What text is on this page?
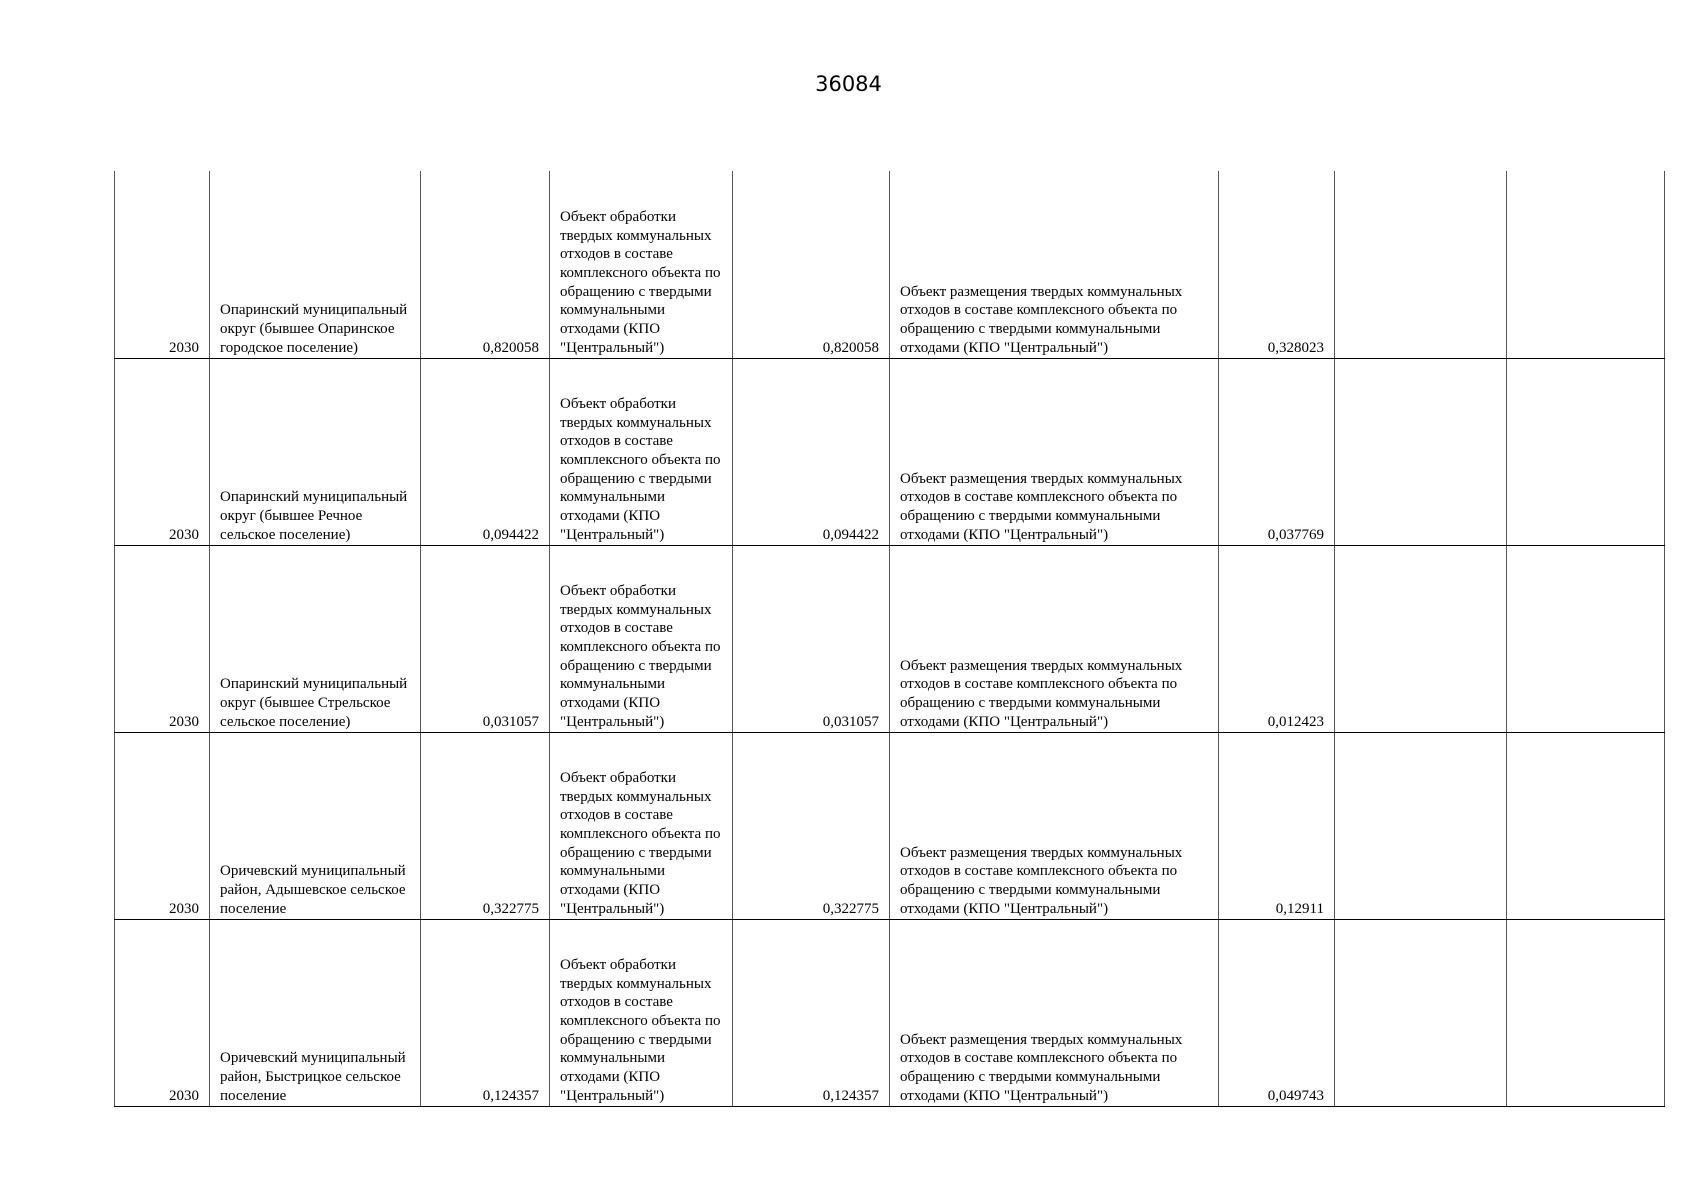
36084
2030	Опаринский муниципальный округ (бывшее Опаринское городское поселение)	0,820058	Объект обработки твердых коммунальных отходов в составе комплексного объекта по обращению с твердыми коммунальными отходами (КПО "Центральный")	0,820058	Объект размещения твердых коммунальных отходов в составе комплексного объекта по обращению с твердыми коммунальными отходами (КПО "Центральный")	0,328023		
2030	Опаринский муниципальный округ (бывшее Речное сельское поселение)	0,094422	Объект обработки твердых коммунальных отходов в составе комплексного объекта по обращению с твердыми коммунальными отходами (КПО "Центральный")	0,094422	Объект размещения твердых коммунальных отходов в составе комплексного объекта по обращению с твердыми коммунальными отходами (КПО "Центральный")	0,037769		
2030	Опаринский муниципальный округ (бывшее Стрельское сельское поселение)	0,031057	Объект обработки твердых коммунальных отходов в составе комплексного объекта по обращению с твердыми коммунальными отходами (КПО "Центральный")	0,031057	Объект размещения твердых коммунальных отходов в составе комплексного объекта по обращению с твердыми коммунальными отходами (КПО "Центральный")	0,012423		
2030	Оричевский муниципальный район, Адышевское сельское поселение	0,322775	Объект обработки твердых коммунальных отходов в составе комплексного объекта по обращению с твердыми коммунальными отходами (КПО "Центральный")	0,322775	Объект размещения твердых коммунальных отходов в составе комплексного объекта по обращению с твердыми коммунальными отходами (КПО "Центральный")	0,12911		
2030	Оричевский муниципальный район, Быстрицкое сельское поселение	0,124357	Объект обработки твердых коммунальных отходов в составе комплексного объекта по обращению с твердыми коммунальными отходами (КПО "Центральный")	0,124357	Объект размещения твердых коммунальных отходов в составе комплексного объекта по обращению с твердыми коммунальными отходами (КПО "Центральный")	0,049743		
